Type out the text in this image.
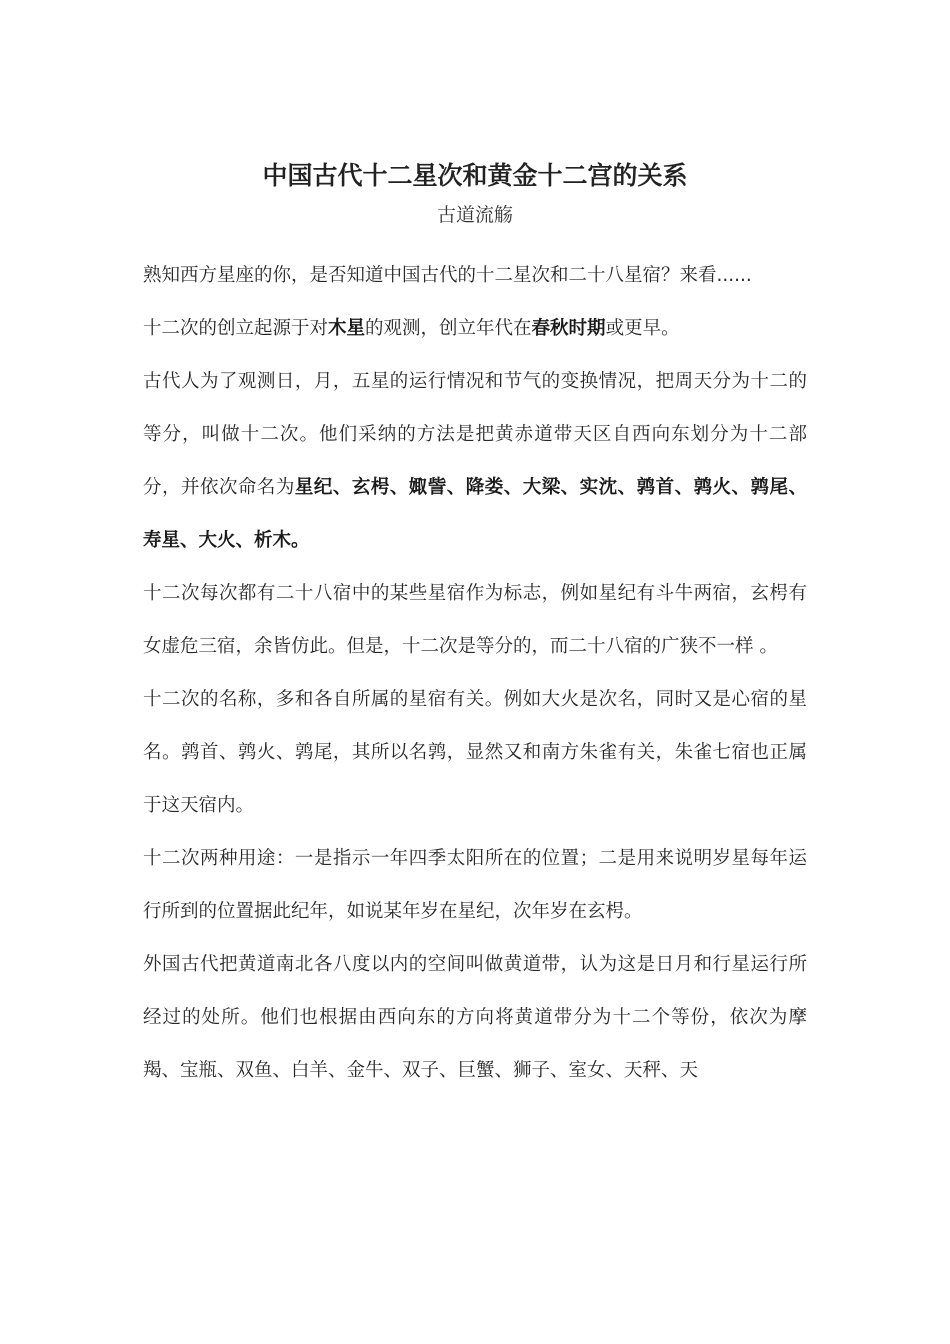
中国古代十二星次和黄金十二宫的关系

古道流觞

熟知西方星座的你，是否知道中国古代的十二星次和二十八星宿？来看......

十二次的创立起源于对木星的观测，创立年代在春秋时期或更早。

古代人为了观测日，月，五星的运行情况和节气的变换情况，把周天分为十二的等分，叫做十二次。他们采纳的方法是把黄赤道带天区自西向东划分为十二部分，并依次命名为星纪、玄枵、娵訾、降娄、大梁、实沈、鹑首、鹑火、鹑尾、寿星、大火、析木。

十二次每次都有二十八宿中的某些星宿作为标志，例如星纪有斗牛两宿，玄枵有女虚危三宿，余皆仿此。但是，十二次是等分的，而二十八宿的广狭不一样 。

十二次的名称，多和各自所属的星宿有关。例如大火是次名，同时又是心宿的星名。鹑首、鹑火、鹑尾，其所以名鹑，显然又和南方朱雀有关，朱雀七宿也正属于这天宿内。

十二次两种用途：一是指示一年四季太阳所在的位置；二是用来说明岁星每年运行所到的位置据此纪年，如说某年岁在星纪，次年岁在玄枵。

外国古代把黄道南北各八度以内的空间叫做黄道带，认为这是日月和行星运行所经过的处所。他们也根据由西向东的方向将黄道带分为十二个等份，依次为摩羯、宝瓶、双鱼、白羊、金牛、双子、巨蟹、狮子、室女、天秤、天
